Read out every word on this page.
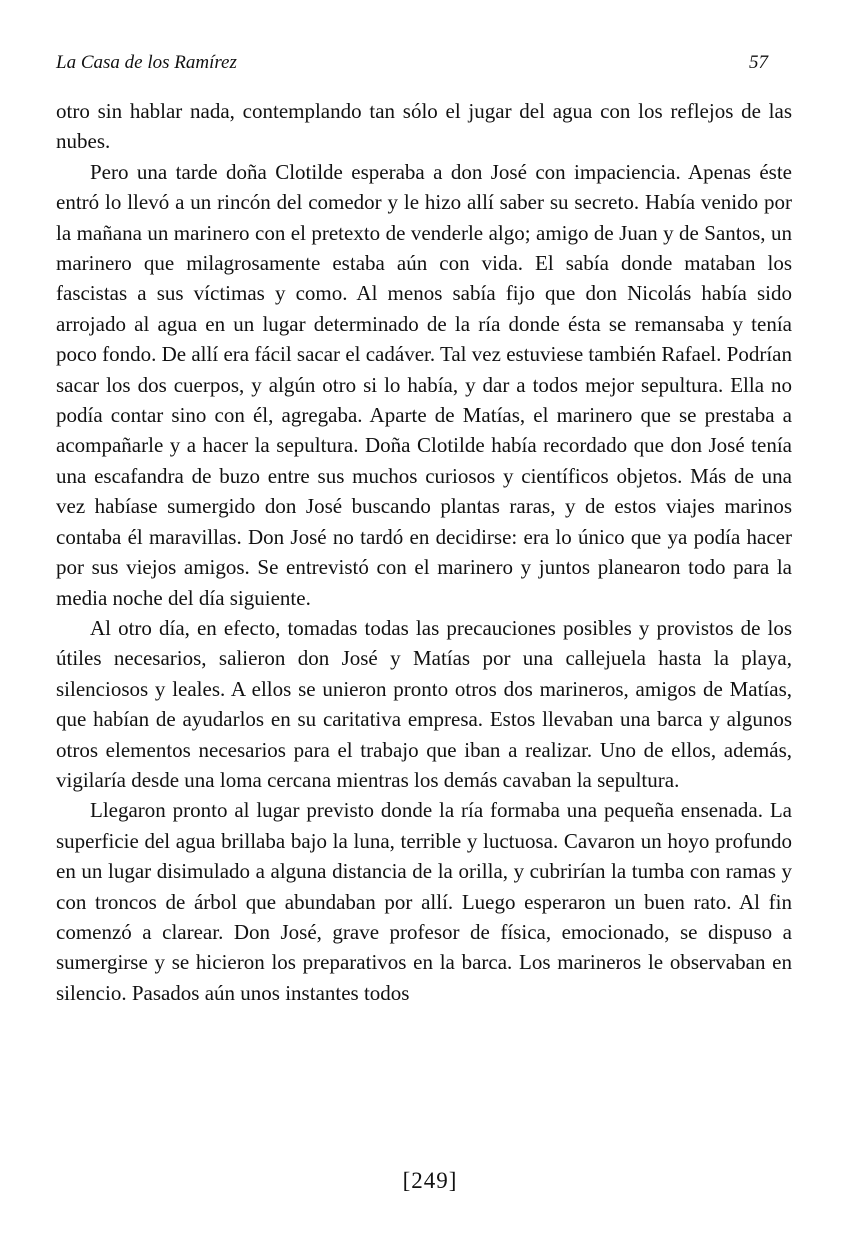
La Casa de los Ramírez	57

otro sin hablar nada, contemplando tan sólo el jugar del agua con los reflejos de las nubes.

Pero una tarde doña Clotilde esperaba a don José con impaciencia. Apenas éste entró lo llevó a un rincón del comedor y le hizo allí saber su secreto. Había venido por la mañana un marinero con el pretexto de venderle algo; amigo de Juan y de Santos, un marinero que milagrosamente estaba aún con vida. El sabía donde mataban los fascistas a sus víctimas y como. Al menos sabía fijo que don Nicolás había sido arrojado al agua en un lugar determinado de la ría donde ésta se remansaba y tenía poco fondo. De allí era fácil sacar el cadáver. Tal vez estuviese también Rafael. Podrían sacar los dos cuerpos, y algún otro si lo había, y dar a todos mejor sepultura. Ella no podía contar sino con él, agregaba. Aparte de Matías, el marinero que se prestaba a acompañarle y a hacer la sepultura. Doña Clotilde había recordado que don José tenía una escafandra de buzo entre sus muchos curiosos y científicos objetos. Más de una vez habíase sumergido don José buscando plantas raras, y de estos viajes marinos contaba él maravillas. Don José no tardó en decidirse: era lo único que ya podía hacer por sus viejos amigos. Se entrevistó con el marinero y juntos planearon todo para la media noche del día siguiente.

Al otro día, en efecto, tomadas todas las precauciones posibles y provistos de los útiles necesarios, salieron don José y Matías por una callejuela hasta la playa, silenciosos y leales. A ellos se unieron pronto otros dos marineros, amigos de Matías, que habían de ayudarlos en su caritativa empresa. Estos llevaban una barca y algunos otros elementos necesarios para el trabajo que iban a realizar. Uno de ellos, además, vigilaría desde una loma cercana mientras los demás cavaban la sepultura.

Llegaron pronto al lugar previsto donde la ría formaba una pequeña ensenada. La superficie del agua brillaba bajo la luna, terrible y luctuosa. Cavaron un hoyo profundo en un lugar disimulado a alguna distancia de la orilla, y cubrirían la tumba con ramas y con troncos de árbol que abundaban por allí. Luego esperaron un buen rato. Al fin comenzó a clarear. Don José, grave profesor de física, emocionado, se dispuso a sumergirse y se hicieron los preparativos en la barca. Los marineros le observaban en silencio. Pasados aún unos instantes todos

[249]
